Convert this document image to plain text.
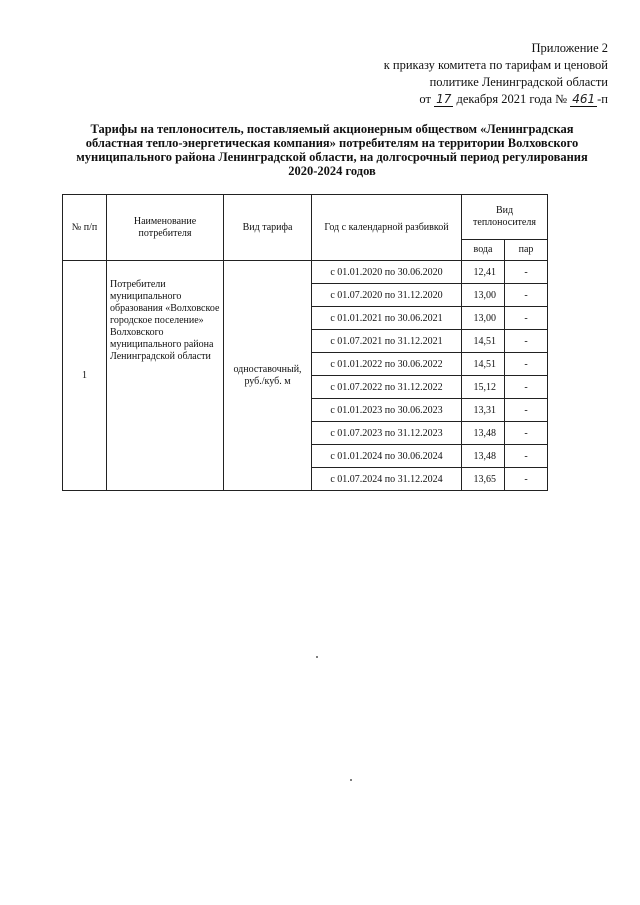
Приложение 2
к приказу комитета по тарифам и ценовой
политике Ленинградской области
от 17 декабря 2021 года № 461 -п
Тарифы на теплоноситель, поставляемый акционерным обществом «Ленинградская
областная тепло-энергетическая компания» потребителям на территории Волховского
муниципального района Ленинградской области, на долгосрочный период регулирования
2020-2024 годов
№ п/п	Наименование потребителя	Вид тарифа	Год с календарной разбивкой	Вид теплоносителя	
				вода	пар
1	Потребители муниципального образования «Волховское городское поселение» Волховского муниципального района Ленинградской области	одноставочный, руб./куб. м	с 01.01.2020 по 30.06.2020	12,41	-
			с 01.07.2020 по 31.12.2020	13,00	-
			с 01.01.2021 по 30.06.2021	13,00	-
			с 01.07.2021 по 31.12.2021	14,51	-
			с 01.01.2022 по 30.06.2022	14,51	-
			с 01.07.2022 по 31.12.2022	15,12	-
			с 01.01.2023 по 30.06.2023	13,31	-
			с 01.07.2023 по 31.12.2023	13,48	-
			с 01.01.2024 по 30.06.2024	13,48	-
			с 01.07.2024 по 31.12.2024	13,65	-
